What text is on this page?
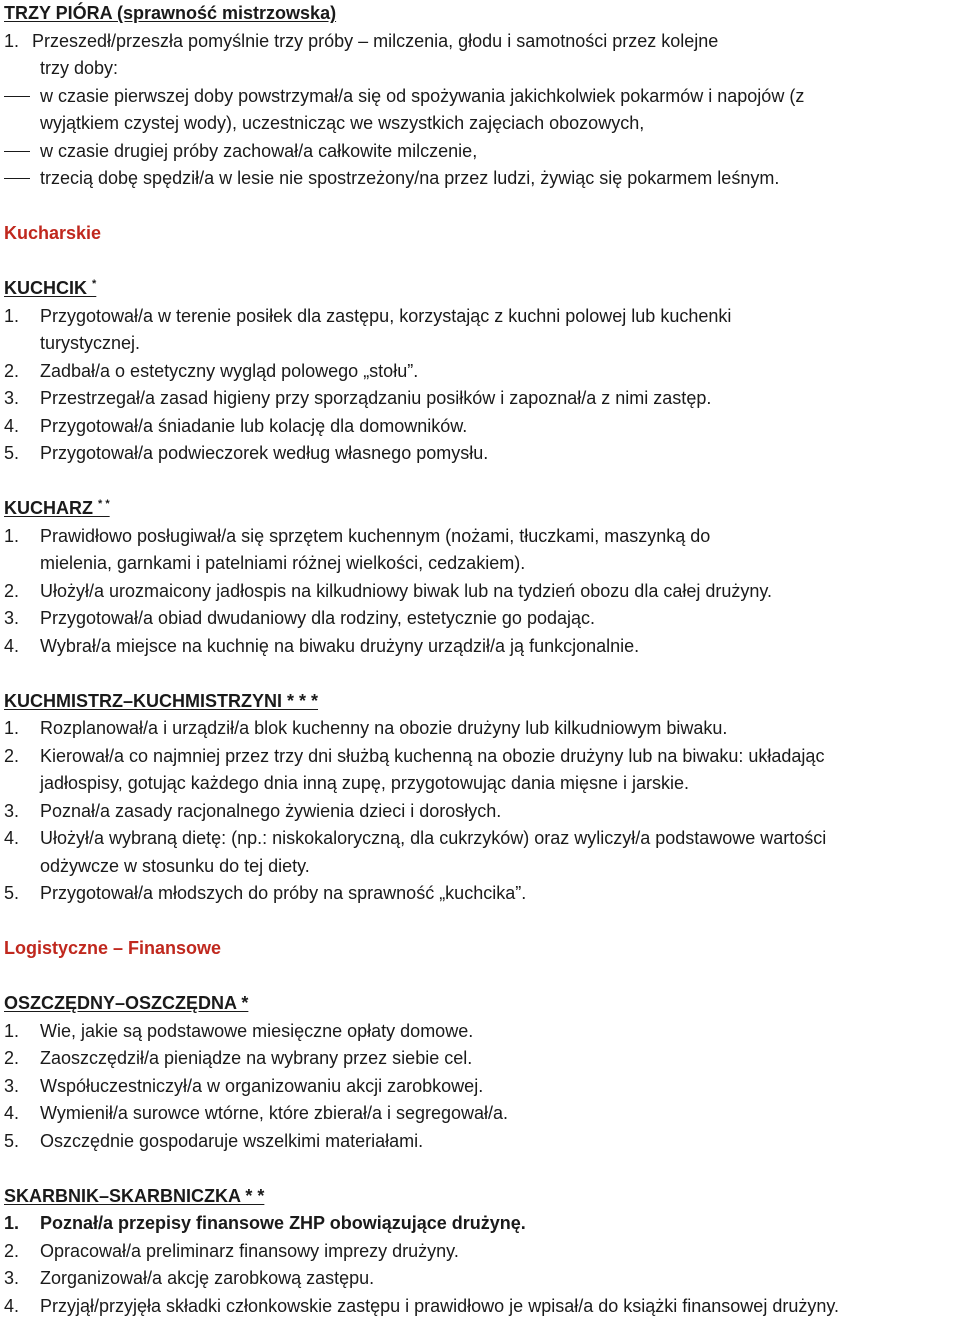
TRZY PIÓRA (sprawność mistrzowska)
1. Przeszedł/przeszła pomyślnie trzy próby – milczenia, głodu i samotności przez kolejne
trzy doby:
w czasie pierwszej doby powstrzymał/a się od spożywania jakichkolwiek pokarmów i napojów (z
wyjątkiem czystej wody), uczestnicząc we wszystkich zajęciach obozowych,
w czasie drugiej próby zachował/a całkowite milczenie,
trzecią dobę spędził/a w lesie nie spostrzeżony/na przez ludzi, żywiąc się pokarmem leśnym.
Kucharskie
KUCHCIK *
1. Przygotował/a w terenie posiłek dla zastępu, korzystając z kuchni polowej lub kuchenki
turystycznej.
2. Zadbał/a o estetyczny wygląd polowego „stołu”.
3. Przestrzegał/a zasad higieny przy sporządzaniu posiłków i zapoznał/a z nimi zastęp.
4. Przygotował/a śniadanie lub kolację dla domowników.
5. Przygotował/a podwieczorek według własnego pomysłu.
KUCHARZ * *
1. Prawidłowo posługiwał/a się sprzętem kuchennym (nożami, tłuczkami, maszynką do
mielenia, garnkami i patelniami różnej wielkości, cedzakiem).
2. Ułożył/a urozmaicony jadłospis na kilkudniowy biwak lub na tydzień obozu dla całej drużyny.
3. Przygotował/a obiad dwudaniowy dla rodziny, estetycznie go podając.
4. Wybrał/a miejsce na kuchnię na biwaku drużyny urządził/a ją funkcjonalnie.
KUCHMISTRZ–KUCHMISTRZYNI * * *
1. Rozplanował/a i urządził/a blok kuchenny na obozie drużyny lub kilkudniowym biwaku.
2. Kierował/a co najmniej przez trzy dni służbą kuchenną na obozie drużyny lub na biwaku: układając
jadłospisy, gotując każdego dnia inną zupę, przygotowując dania mięsne i jarskie.
3. Poznał/a zasady racjonalnego żywienia dzieci i dorosłych.
4. Ułożył/a wybraną dietę: (np.: niskokaloryczną, dla cukrzyków) oraz wyliczył/a podstawowe wartości
odżywcze w stosunku do tej diety.
5. Przygotował/a młodszych do próby na sprawność „kuchcika”.
Logistyczne – Finansowe
OSZCZĘDNY–OSZCZĘDNA *
1. Wie, jakie są podstawowe miesięczne opłaty domowe.
2. Zaoszczędził/a pieniądze na wybrany przez siebie cel.
3. Współuczestniczył/a w organizowaniu akcji zarobkowej.
4. Wymienił/a surowce wtórne, które zbierał/a i segregował/a.
5. Oszczędnie gospodaruje wszelkimi materiałami.
SKARBNIK–SKARBNICZKA * *
1. Poznał/a przepisy finansowe ZHP obowiązujące drużynę.
2. Opracował/a preliminarz finansowy imprezy drużyny.
3. Zorganizował/a akcję zarobkową zastępu.
4. Przyjął/przyjęła składki członkowskie zastępu i prawidłowo je wpisał/a do książki finansowej drużyny.
